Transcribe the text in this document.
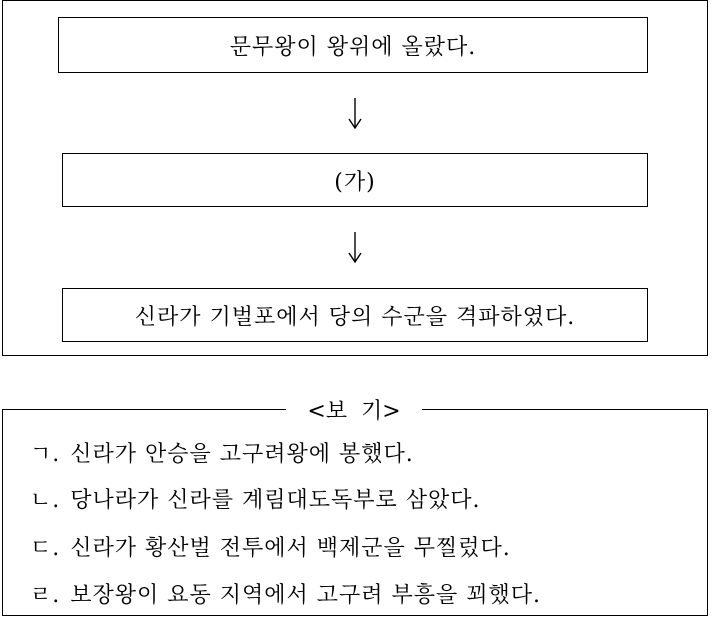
문무왕이 왕위에 올랐다.
(가)
신라가 기벌포에서 당의 수군을 격파하였다.
<보  기>
ㄱ. 신라가 안승을 고구려왕에 봉했다.
ㄴ. 당나라가 신라를 계림대도독부로 삼았다.
ㄷ. 신라가 황산벌 전투에서 백제군을 무찔렀다.
ㄹ. 보장왕이 요동 지역에서 고구려 부흥을 꾀했다.
